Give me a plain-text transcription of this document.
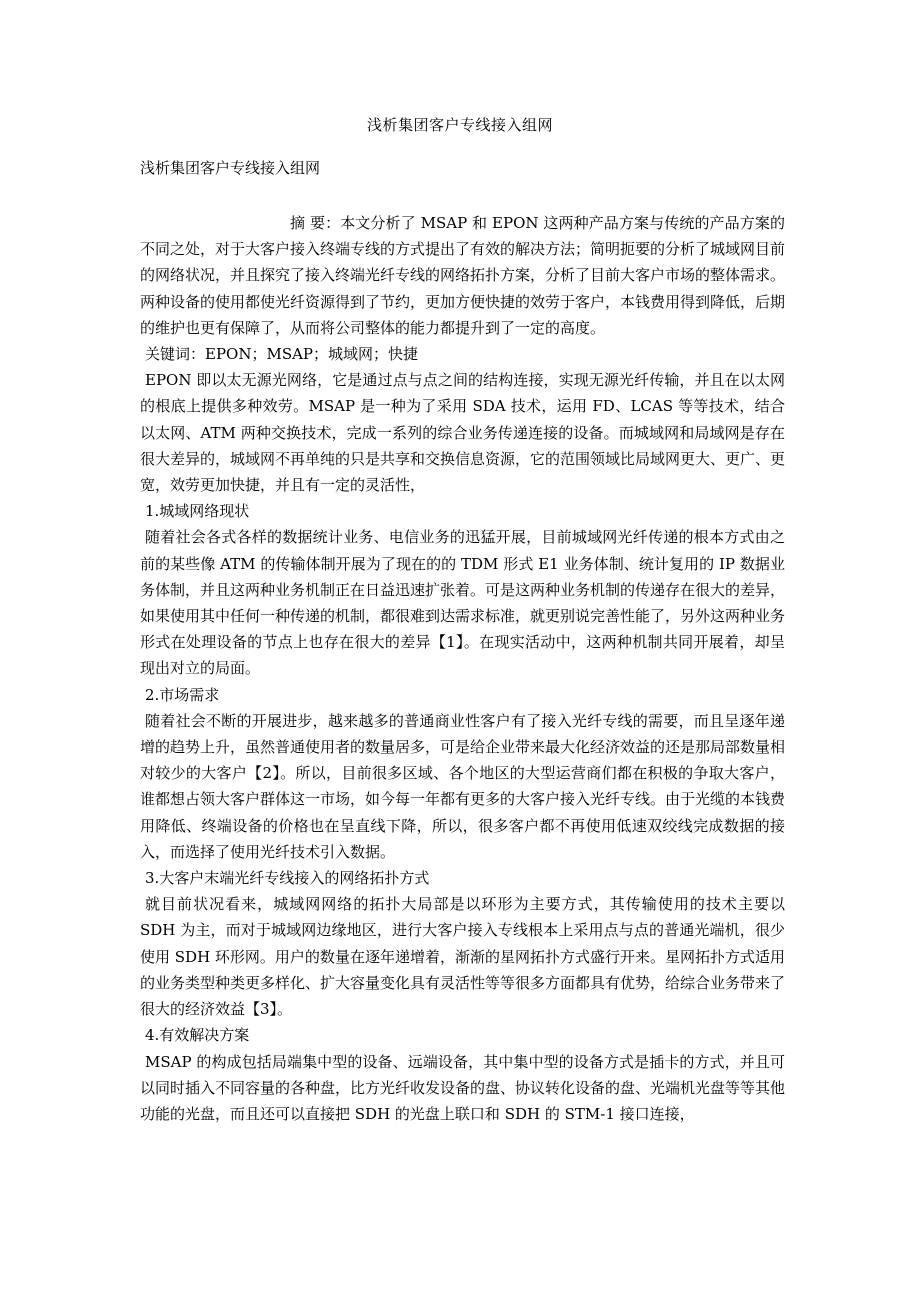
浅析集团客户专线接入组网
浅析集团客户专线接入组网

摘 要：本文分析了 MSAP 和 EPON 这两种产品方案与传统的产品方案的不同之处，对于大客户接入终端专线的方式提出了有效的解决方法；简明扼要的分析了城域网目前的网络状况，并且探究了接入终端光纤专线的网络拓扑方案，分析了目前大客户市场的整体需求。两种设备的使用都使光纤资源得到了节约，更加方便快捷的效劳于客户，本钱费用得到降低，后期的维护也更有保障了，从而将公司整体的能力都提升到了一定的高度。

关键词：EPON；MSAP；城域网；快捷

EPON 即以太无源光网络，它是通过点与点之间的结构连接，实现无源光纤传输，并且在以太网的根底上提供多种效劳。MSAP 是一种为了采用 SDA 技术，运用 FD、LCAS 等等技术，结合以太网、ATM 两种交换技术，完成一系列的综合业务传递连接的设备。而城域网和局域网是存在很大差异的，城域网不再单纯的只是共享和交换信息资源，它的范围领域比局域网更大、更广、更宽，效劳更加快捷，并且有一定的灵活性，

1.城域网络现状

随着社会各式各样的数据统计业务、电信业务的迅猛开展，目前城域网光纤传递的根本方式由之前的某些像 ATM 的传输体制开展为了现在的的 TDM 形式 E1 业务体制、统计复用的 IP 数据业务体制，并且这两种业务机制正在日益迅速扩张着。可是这两种业务机制的传递存在很大的差异，如果使用其中任何一种传递的机制，都很难到达需求标准，就更别说完善性能了，另外这两种业务形式在处理设备的节点上也存在很大的差异【1】。在现实活动中，这两种机制共同开展着，却呈现出对立的局面。

2.市场需求

随着社会不断的开展进步，越来越多的普通商业性客户有了接入光纤专线的需要，而且呈逐年递增的趋势上升，虽然普通使用者的数量居多，可是给企业带来最大化经济效益的还是那局部数量相对较少的大客户【2】。所以，目前很多区域、各个地区的大型运营商们都在积极的争取大客户，谁都想占领大客户群体这一市场，如今每一年都有更多的大客户接入光纤专线。由于光缆的本钱费用降低、终端设备的价格也在呈直线下降，所以，很多客户都不再使用低速双绞线完成数据的接入，而选择了使用光纤技术引入数据。

3.大客户末端光纤专线接入的网络拓扑方式

就目前状况看来，城域网网络的拓扑大局部是以环形为主要方式，其传输使用的技术主要以 SDH 为主，而对于城域网边缘地区，进行大客户接入专线根本上采用点与点的普通光端机，很少使用 SDH 环形网。用户的数量在逐年递增着，渐渐的星网拓扑方式盛行开来。星网拓扑方式适用的业务类型种类更多样化、扩大容量变化具有灵活性等等很多方面都具有优势，给综合业务带来了很大的经济效益【3】。

4.有效解决方案

MSAP 的构成包括局端集中型的设备、远端设备，其中集中型的设备方式是插卡的方式，并且可以同时插入不同容量的各种盘，比方光纤收发设备的盘、协议转化设备的盘、光端机光盘等等其他功能的光盘，而且还可以直接把 SDH 的光盘上联口和 SDH 的 STM-1 接口连接，
